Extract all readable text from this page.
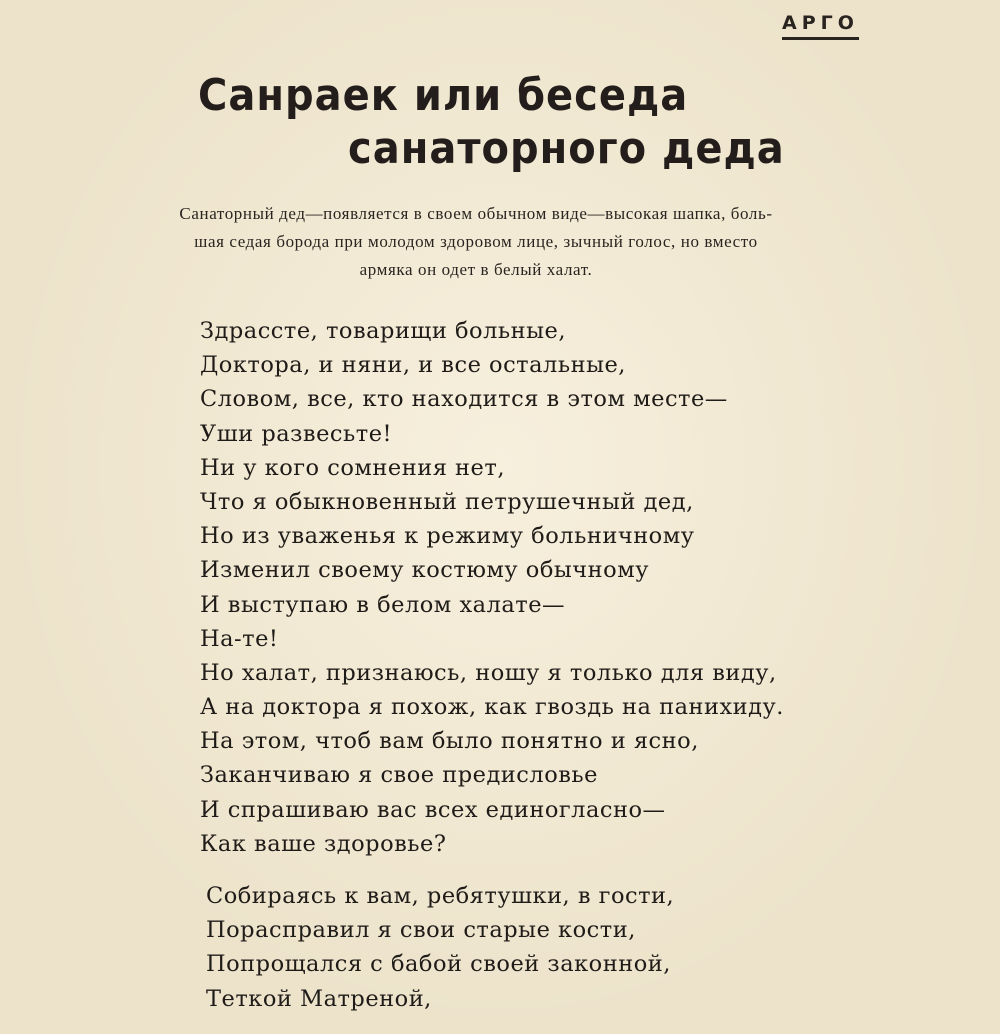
АРГО
Санраек или беседа
санаторного деда
Санаторный дед—появляется в своем обычном виде—высокая шапка, боль-
шая седая борода при молодом здоровом лице, зычный голос, но вместо
армяка он одет в белый халат.
Здрассте, товарищи больные,
Доктора, и няни, и все остальные,
Словом, все, кто находится в этом месте—
Уши развесьте!
Ни у кого сомнения нет,
Что я обыкновенный петрушечный дед,
Но из уваженья к режиму больничному
Изменил своему костюму обычному
И выступаю в белом халате—
На-те!
Но халат, признаюсь, ношу я только для виду,
А на доктора я похож, как гвоздь на панихиду.
На этом, чтоб вам было понятно и ясно,
Заканчиваю я свое предисловье
И спрашиваю вас всех единогласно—
Как ваше здоровье?
Собираясь к вам, ребятушки, в гости,
Порасправил я свои старые кости,
Попрощался с бабой своей законной,
Теткой Матреной,
